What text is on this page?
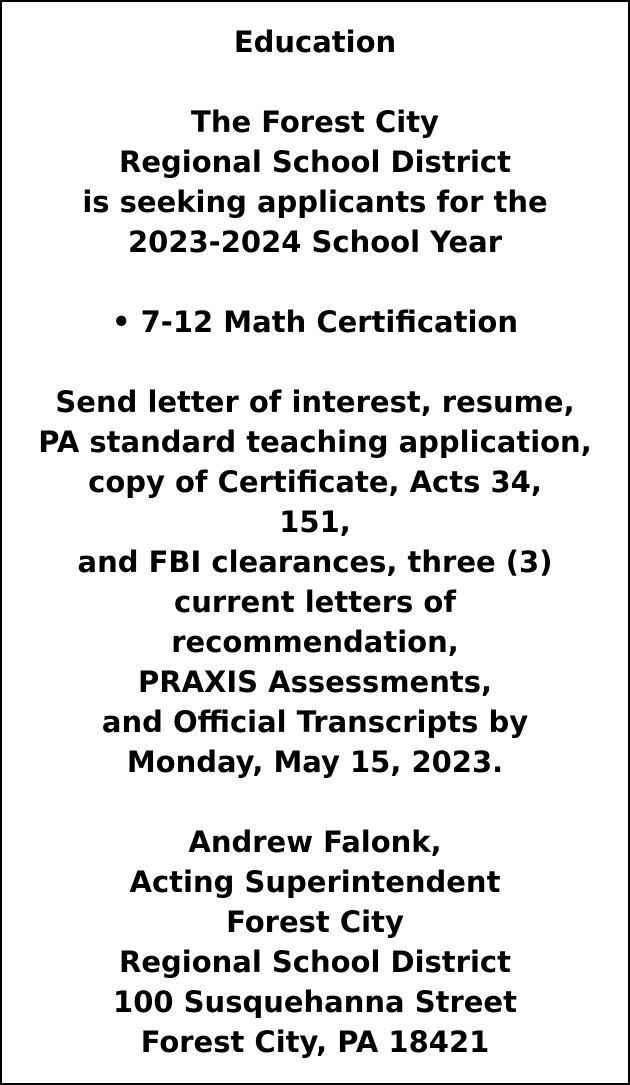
Education
The Forest City
Regional School District
is seeking applicants for the
2023-2024 School Year
• 7-12 Math Certification
Send letter of interest, resume,
PA standard teaching application,
copy of Certificate, Acts 34,
151,
and FBI clearances, three (3)
current letters of
recommendation,
PRAXIS Assessments,
and Official Transcripts by
Monday, May 15, 2023.
Andrew Falonk,
Acting Superintendent
Forest City
Regional School District
100 Susquehanna Street
Forest City, PA 18421
